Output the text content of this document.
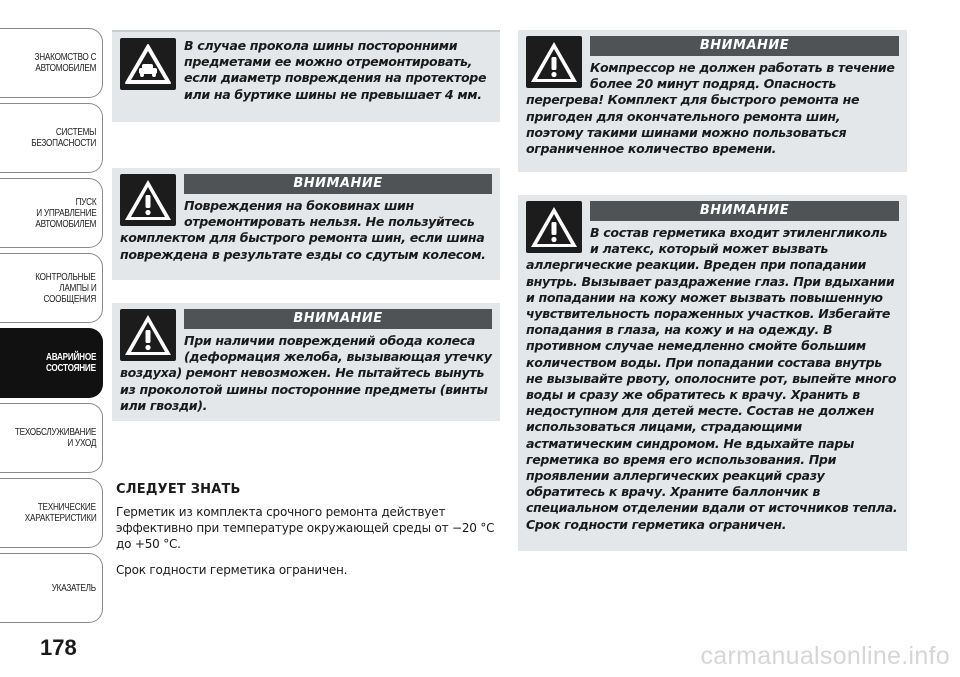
ЗНАКОМСТВО С
АВТОМОБИЛЕМ
СИСТЕМЫ
БЕЗОПАСНОСТИ
ПУСК
И УПРАВЛЕНИЕ
АВТОМОБИЛЕМ
КОНТРОЛЬНЫЕ
ЛАМПЫ И
СООБЩЕНИЯ
АВАРИЙНОЕ
СОСТОЯНИЕ
ТЕХОБСЛУЖИВАНИЕ
И УХОД
ТЕХНИЧЕСКИЕ
ХАРАКТЕРИСТИКИ
УКАЗАТЕЛЬ
178

В случае прокола шины посторонними предметами ее можно отремонтировать, если диаметр повреждения на протекторе или на буртике шины не превышает 4 мм.

ВНИМАНИЕ

Повреждения на боковинах шин отремонтировать нельзя. Не пользуйтесь комплектом для быстрого ремонта шин, если шина повреждена в результате езды со сдутым колесом.

ВНИМАНИЕ

При наличии повреждений обода колеса (деформация желоба, вызывающая утечку воздуха) ремонт невозможен. Не пытайтесь вынуть из проколотой шины посторонние предметы (винты или гвозди).

СЛЕДУЕТ ЗНАТЬ

Герметик из комплекта срочного ремонта действует эффективно при температуре окружающей среды от −20 °C до +50 °C.

Срок годности герметика ограничен.

ВНИМАНИЕ

Компрессор не должен работать в течение более 20 минут подряд. Опасность перегрева! Комплект для быстрого ремонта не пригоден для окончательного ремонта шин, поэтому такими шинами можно пользоваться ограниченное количество времени.

ВНИМАНИЕ

В состав герметика входит этиленгликоль и латекс, который может вызвать аллергические реакции. Вреден при попадании внутрь. Вызывает раздражение глаз. При вдыхании и попадании на кожу может вызвать повышенную чувствительность пораженных участков. Избегайте попадания в глаза, на кожу и на одежду. В противном случае немедленно смойте большим количеством воды. При попадании состава внутрь не вызывайте рвоту, ополосните рот, выпейте много воды и сразу же обратитесь к врачу. Хранить в недоступном для детей месте. Состав не должен использоваться лицами, страдающими астматическим синдромом. Не вдыхайте пары герметика во время его использования. При проявлении аллергических реакций сразу обратитесь к врачу. Храните баллончик в специальном отделении вдали от источников тепла. Срок годности герметика ограничен.

carmanualsonline.info
